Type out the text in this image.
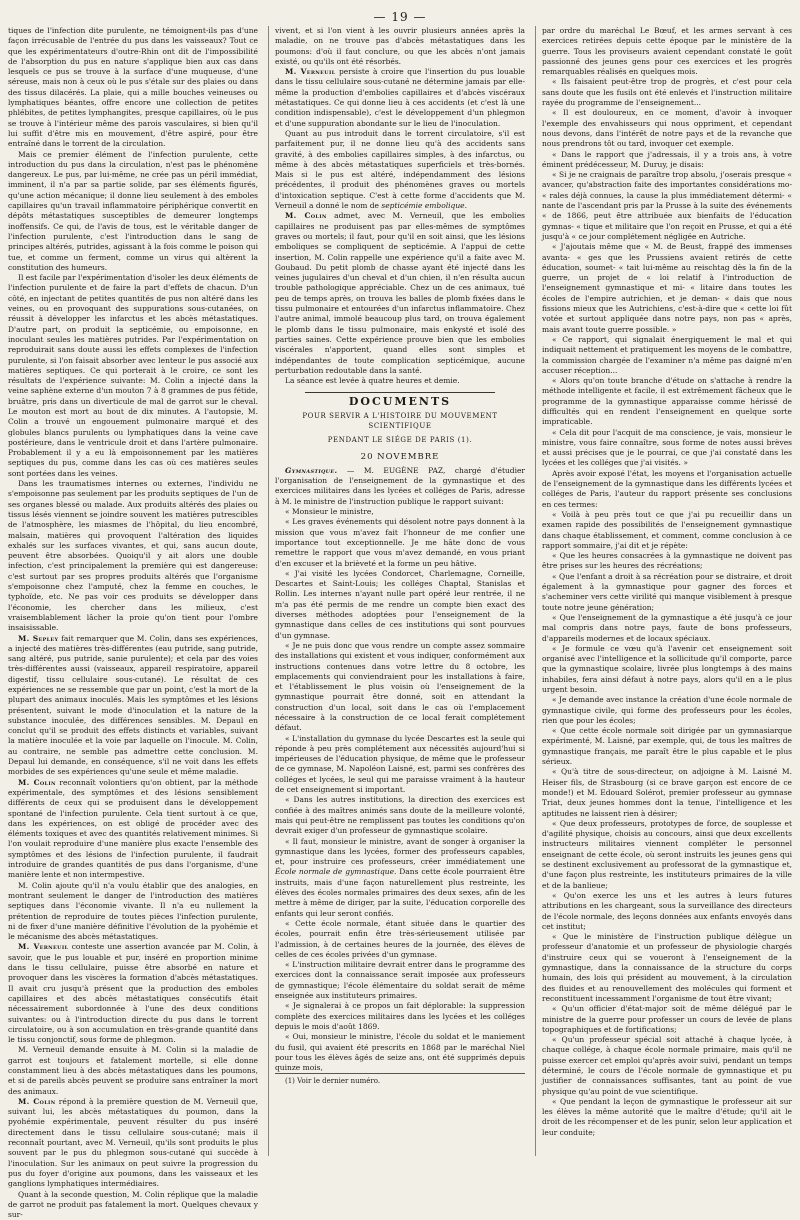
— 19 —

tiques de l'infection dite purulente, ne témoignent-ils pas d'une façon irrécusable de l'entrée du pus dans les vaisseaux? Tout ce que les expérimentateurs d'outre-Rhin ont dit de l'impossibilité de l'absorption du pus en nature s'applique bien aux cas dans lesquels ce pus se trouve à la surface d'une muqueuse, d'une séreuse, mais non à ceux où le pus s'étale sur des plaies ou dans des tissus dilacérés. La plaie, qui a mille bouches veineuses ou lymphatiques béantes, offre encore une collection de petites phlébites, de petites lymphangites, presque capillaires, où le pus se trouve à l'intérieur même des parois vasculaires, si bien qu'il lui suffit d'être mis en mouvement, d'être aspiré, pour être entraîné dans le torrent de la circulation.

Mais ce premier élément de l'infection purulente, cette introduction du pus dans la circulation, n'est pas le phénomène dangereux. Le pus, par lui-même, ne crée pas un péril immédiat, imminent, il n'a par sa partie solide, par ses éléments figurés, qu'une action mécanique; il donne lieu seulement à des emboles capillaires qu'un travail inflammatoire périphérique convertit en dépôts métastatiques susceptibles de demeurer longtemps inoffensifs. Ce qui, de l'avis de tous, est le véritable danger de l'infection purulente, c'est l'introduction dans le sang de principes altérés, putrides, agissant à la fois comme le poison qui tue, et comme un ferment, comme un virus qui altèrent la constitution des humeurs.

Il est facile par l'expérimentation d'isoler les deux éléments de l'infection purulente et de faire la part d'effets de chacun. D'un côté, en injectant de petites quantités de pus non altéré dans les veines, ou en provoquant des suppurations sous-cutanées, on réussit à développer les infarctus et les abcès métastatiques. D'autre part, on produit la septicémie, ou empoisonne, en inoculant seules les matières putrides. Par l'expérimentation on reproduirait sans doute aussi les effets complexes de l'infection purulente, si l'on faisait absorber avec lenteur le pus associé aux matières septiques. Ce qui porterait à le croire, ce sont les résultats de l'expérience suivante: M. Colin a injecté dans la veine saphène externe d'un mouton 7 à 8 grammes de pus fétide, bruâtre, pris dans un diverticule de mal de garrot sur le cheval. Le mouton est mort au bout de dix minutes. A l'autopsie, M. Colin a trouvé un engouement pulmonaire marqué et des globules blancs purulents ou lymphatiques dans la veine cave postérieure, dans le ventricule droit et dans l'artère pulmonaire. Probablement il y a eu là empoisonnement par les matières septiques du pus, comme dans les cas où ces matières seules sont portées dans les veines.

Dans les traumatismes internes ou externes, l'individu ne s'empoisonne pas seulement par les produits septiques de l'un de ses organes blessé ou malade. Aux produits altérés des plaies ou tissus lésés viennent se joindre souvent les matières putrescibles de l'atmosphère, les miasmes de l'hôpital, du lieu encombré, malsain, matières qui provoquent l'altération des liquides exhalés sur les surfaces vivantes, et qui, sans aucun doute, peuvent être absorbées. Quoiqu'il y ait alors une double infection, c'est principalement la première qui est dangereuse: c'est surtout par ses propres produits altérés que l'organisme s'empoisonne chez l'amputé, chez la femme en couches, le typhoïde, etc. Ne pas voir ces produits se développer dans l'économie, les chercher dans les milieux, c'est vraisemblablement lâcher la proie qu'on tient pour l'ombre insaisissable.

M. Sepley fait remarquer que M. Colin, dans ses expériences, a injecté des matières très-différentes (eau putride, sang putride, sang altéré, pus putride, sanie purulente); et cela par des voies très-différentes aussi (vaisseaux, appareil respiratoire, appareil digestif, tissu cellulaire sous-cutané). Le résultat de ces expériences ne se ressemble que par un point, c'est la mort de la plupart des animaux inoculés. Mais les symptômes et les lésions présentent, suivant le mode d'inoculation et la nature de la substance inoculée, des différences sensibles. M. Depaul en conclut qu'il se produit des effets distincts et variables, suivant la matière inoculée et la voie par laquelle on l'inocule. M. Colin, au contraire, ne semble pas admettre cette conclusion. M. Depaul lui demande, en conséquence, s'il ne voit dans les effets morbides de ses expériences qu'une seule et même maladie.

M. Colin reconnaît volontiers qu'on obtient, par la méthode expérimentale, des symptômes et des lésions sensiblement différents de ceux qui se produisent dans le développement spontané de l'infection purulente. Cela tient surtout à ce que, dans les expériences, on est obligé de procéder avec des éléments toxiques et avec des quantités relativement minimes. Si l'on voulait reproduire d'une manière plus exacte l'ensemble des symptômes et des lésions de l'infection purulente, il faudrait introduire de grandes quantités de pus dans l'organisme, d'une manière lente et non intermpestive.

M. Colin ajoute qu'il n'a voulu établir que des analogies, en montrant seulement le danger de l'introduction des matières septiques dans l'économie vivante. Il n'a eu nullement la prétention de reproduire de toutes pièces l'infection purulente, ni de fixer d'une manière définitive l'évolution de la pyohémie et le mécanisme des abcès métastatiques.

M. Verneuil conteste une assertion avancée par M. Colin, à savoir, que le pus louable et pur, inséré en proportion minime dans le tissu cellulaire, puisse être absorbé en nature et provoquer dans les viscères la formation d'abcès métastatiques. Il avait cru jusqu'à présent que la production des emboles capillaires et des abcès métastatiques consécutifs était nécessairement subordonnée à l'une des deux conditions suivantes: ou à l'introduction directe du pus dans le torrent circulatoire, ou à son accumulation en très-grande quantité dans le tissu conjonctif, sous forme de phlegmon.

M. Verneuil demande ensuite à M. Colin si la maladie de garrot est toujours et fatalement mortelle, si elle donne constamment lieu à des abcès métastatiques dans les poumons, et si de pareils abcès peuvent se produire sans entraîner la mort des animaux.

M. Colin répond à la première question de M. Verneuil que, suivant lui, les abcès métastatiques du poumon, dans la pyohémie expérimentale, peuvent résulter du pus inséré directement dans le tissu cellulaire sous-cutané; mais il reconnaît pourtant, avec M. Verneuil, qu'ils sont produits le plus souvent par le pus du phlegmon sous-cutané qui succède à l'inoculation. Sur les animaux on peut suivre la progression du pus du foyer d'origine aux poumons, dans les vaisseaux et les ganglions lymphatiques intermédiaires.

Quant à la seconde question, M. Colin réplique que la maladie de garrot ne produit pas fatalement la mort. Quelques chevaux y sur-

vivent, et si l'on vient à les ouvrir plusieurs années après la maladie, on ne trouve pas d'abcès métastatiques dans les poumons: d'où il faut conclure, ou que les abcès n'ont jamais existé, ou qu'ils ont été résorbés.

M. Verneuil persiste à croire que l'insertion du pus louable dans le tissu cellulaire sous-cutané ne détermine jamais par elle-même la production d'embolies capillaires et d'abcès viscéraux métastatiques. Ce qui donne lieu à ces accidents (et c'est là une condition indispensable), c'est le développement d'un phlegmon et d'une suppuration abondante sur le lieu de l'inoculation.

Quant au pus introduit dans le torrent circulatoire, s'il est parfaitement pur, il ne donne lieu qu'à des accidents sans gravité, à des embolies capillaires simples, à des infarctus, ou même à des abcès métastatiques superficiels et très-bornés. Mais si le pus est altéré, indépendamment des lésions précédentes, il produit des phénomènes graves ou mortels d'intoxication septique. C'est à cette forme d'accidents que M. Verneuil a donné le nom de septicémie embolique.

M. Colin admet, avec M. Verneuil, que les embolies capillaires ne produisent pas par elles-mêmes de symptômes graves ou mortels; il faut, pour qu'il en soit ainsi, que les lésions emboliques se compliquent de septicémie. A l'appui de cette insertion, M. Colin rappelle une expérience qu'il a faite avec M. Goubaud. Du petit plomb de chasse ayant été injecté dans les veines jugulaires d'un cheval et d'un chien, il n'en résulta aucun trouble pathologique appréciable. Chez un de ces animaux, tué peu de temps après, on trouva les balles de plomb fixées dans le tissu pulmonaire et entourées d'un infarctus inflammatoire. Chez l'autre animal, immolé beaucoup plus tard, on trouva également le plomb dans le tissu pulmonaire, mais enkysté et isolé des parties saines. Cette expérience prouve bien que les embolies viscérales n'apportent, quand elles sont simples et indépendantes de toute complication septicémique, aucune perturbation redoutable dans la santé.

La séance est levée à quatre heures et demie.

DOCUMENTS
POUR SERVIR A L'HISTOIRE DU MOUVEMENT SCIENTIFIQUE
PENDANT LE SIÉGE DE PARIS (1).
20 NOVEMBRE

Gymnastique. — M. EUGÈNE PAZ, chargé d'étudier l'organisation de l'enseignement de la gymnastique et des exercices militaires dans les lycées et colléges de Paris, adresse à M. le ministre de l'instruction publique le rapport suivant:

« Monsieur le ministre,

« Les graves événements qui désolent notre pays donnent à la mission que vous m'avez fait l'honneur de me confier une importance tout exceptionnelle. Je me hâte donc de vous remettre le rapport que vous m'avez demandé, en vous priant d'en excuser et la brièveté et la forme un peu hâtive.

« J'ai visité les lycées Condorcet, Charlemagne, Corneille, Descartes et Saint-Louis; les colléges Chaptal, Stanislas et Rollin. Les internes n'ayant nulle part opéré leur rentrée, il ne m'a pas été permis de me rendre un compte bien exact des diverses méthodes adoptées pour l'enseignement de la gymnastique dans celles de ces institutions qui sont pourvues d'un gymnase.

« Je ne puis donc que vous rendre un compte assez sommaire des installations qui existent et vous indiquer, conformément aux instructions contenues dans votre lettre du 8 octobre, les emplacements qui conviendraient pour les installations à faire, et l'établissement le plus voisin où l'enseignement de la gymnastique pourrait être donné, soit en attendant la construction d'un local, soit dans le cas où l'emplacement nécessaire à la construction de ce local ferait complétement défaut.

« L'installation du gymnase du lycée Descartes est la seule qui réponde à peu près complétement aux nécessités aujourd'hui si impérieuses de l'éducation physique, de même que le professeur de ce gymnase, M. Napoléon Laisné, est, parmi ses confrères des colléges et lycées, le seul qui me paraisse vraiment à la hauteur de cet enseignement si important.

« Dans les autres institutions, la direction des exercices est confiée à des maîtres animés sans doute de la meilleure volonté, mais qui peut-être ne remplissent pas toutes les conditions qu'on devrait exiger d'un professeur de gymnastique scolaire.

« Il faut, monsieur le ministre, avant de songer à organiser la gymnastique dans les lycées, former des professeurs capables, et, pour instruire ces professeurs, créer immédiatement une École normale de gymnastique. Dans cette école pourraient être instruits, mais d'une façon naturellement plus restreinte, les élèves des écoles normales primaires des deux sexes, afin de les mettre à même de diriger, par la suite, l'éducation corporelle des enfants qui leur seront confiés.

« Cette école normale, étant située dans le quartier des écoles, pourrait enfin être très-sérieusement utilisée par l'admission, à de certaines heures de la journée, des élèves de celles de ces écoles privées d'un gymnase.

« L'instruction militaire devrait entrer dans le programme des exercices dont la connaissance serait imposée aux professeurs de gymnastique; l'école élémentaire du soldat serait de même enseignée aux instituteurs primaires.

« Je signalerai à ce propos un fait déplorable: la suppression complète des exercices militaires dans les lycées et les colléges depuis le mois d'août 1869.

« Oui, monsieur le ministre, l'école du soldat et le maniement du fusil, qui avaient été prescrits en 1868 par le maréchal Niel pour tous les élèves âgés de seize ans, ont été supprimés depuis quinze mois,

(1) Voir le dernier numéro.

par ordre du maréchal Le Bœuf, et les armes servant à ces exercices retirées depuis cette époque par le ministère de la guerre. Tous les proviseurs avaient cependant constaté le goût passionné des jeunes gens pour ces exercices et les progrès remarquables réalisés en quelques mois.

« Ils faisaient peut-être trop de progrès, et c'est pour cela sans doute que les fusils ont été enlevés et l'instruction militaire rayée du programme de l'enseignement...

« Il est douloureux, en ce moment, d'avoir à invoquer l'exemple des envahisseurs qui nous oppriment, et cependant nous devons, dans l'intérêt de notre pays et de la revanche que nous prendrons tôt ou tard, invoquer cet exemple.

« Dans le rapport que j'adressais, il y a trois ans, à votre éminent prédécesseur, M. Duruy, je disais:

« Si je ne craignais de paraître trop absolu, j'oserais presque « avancer, qu'abstraction faite des importantes considérations mo- « rales déjà connues, la cause la plus immédiatement détermi- « nante de l'ascendant pris par la Prusse à la suite des événements « de 1866, peut être attribuée aux bienfaits de l'éducation gymnas- « tique et militaire que l'on reçoit en Prusse, et qui a été jusqu'à « ce jour complétement négligée en Autriche.

« J'ajoutais même que « M. de Beust, frappé des immenses avanta- « ges que les Prussiens avaient retirés de cette éducation, soumet- « tait lui-même au reischtag dès la fin de la guerre, un projet de « loi relatif à l'introduction de l'enseignement gymnastique et mi- « litaire dans toutes les écoles de l'empire autrichien, et je deman- « dais que nous fissions mieux que les Autrichiens, c'est-à-dire que « cette loi fût votée et surtout appliquée dans notre pays, non pas « après, mais avant toute guerre possible. »

« Ce rapport, qui signalait énergiquement le mal et qui indiquait nettement et pratiquement les moyens de le combattre, la commission chargée de l'examiner n'a même pas daigné m'en accuser réception...

« Alors qu'on toute branche d'étude on s'attache à rendre la méthode intelligente et facile, il est extrêmement fâcheux que le programme de la gymnastique apparaisse comme hérissé de difficultés qui en rendent l'enseignement en quelque sorte impraticable.

« Cela dit pour l'acquit de ma conscience, je vais, monsieur le ministre, vous faire connaître, sous forme de notes aussi brèves et aussi précises que je le pourrai, ce que j'ai constaté dans les lycées et les colléges que j'ai visités. »

Après avoir exposé l'état, les moyens et l'organisation actuelle de l'enseignement de la gymnastique dans les différents lycées et colléges de Paris, l'auteur du rapport présente ses conclusions en ces termes:

« Voilà à peu près tout ce que j'ai pu recueillir dans un examen rapide des possibilités de l'enseignement gymnastique dans chaque établissement, et comment, comme conclusion à ce rapport sommaire, j'ai dit et je répète:

« Que les heures consacrées à la gymnastique ne doivent pas être prises sur les heures des récréations;

« Que l'enfant a droit à sa récréation pour se distraire, et droit également à la gymnastique pour gagner des forces et s'acheminer vers cette virilité qui manque visiblement à presque toute notre jeune génération;

« Que l'enseignement de la gymnastique a été jusqu'à ce jour mal compris dans notre pays, faute de bons professeurs, d'appareils modernes et de locaux spéciaux.

« Je formule ce vœu qu'à l'avenir cet enseignement soit organisé avec l'intelligence et la sollicitude qu'il comporte, parce que la gymnastique scolaire, livrée plus longtemps à des mains inhabiles, fera ainsi défaut à notre pays, alors qu'il en a le plus urgent besoin.

« Je demande avec instance la création d'une école normale de gymnastique civile, qui forme des professeurs pour les écoles, rien que pour les écoles;

« Que cette école normale soit dirigée par un gymnasiarque expérimenté, M. Laisné, par exemple, qui, de tous les maîtres de gymnastique français, me paraît être le plus capable et le plus sérieux.

« Qu'à titre de sous-directeur, on adjoigne à M. Laisné M. Heiser fils, de Strasbourg (si ce brave garçon est encore de ce monde!) et M. Edouard Solérot, premier professeur au gymnase Triat, deux jeunes hommes dont la tenue, l'intelligence et les aptitudes ne laissent rien à désirer;

« Que deux professeurs, prototypes de force, de souplesse et d'agilité physique, choisis au concours, ainsi que deux excellents instructeurs militaires viennent compléter le personnel enseignant de cette école, où seront instruits les jeunes gens qui se destinent exclusivement au professorat de la gymnastique et, d'une façon plus restreinte, les instituteurs primaires de la ville et de la banlieue;

« Qu'on exerce les uns et les autres à leurs futures attributions en les chargeant, sous la surveillance des directeurs de l'école normale, des leçons données aux enfants envoyés dans cet institut;

« Que le ministère de l'instruction publique délègue un professeur d'anatomie et un professeur de physiologie chargés d'instruire ceux qui se voueront à l'enseignement de la gymnastique, dans la connaissance de la structure du corps humain, des lois qui président au mouvement, à la circulation des fluides et au renouvellement des molécules qui forment et reconstituent incessamment l'organisme de tout être vivant;

« Qu'un officier d'état-major soit de même délégué par le ministre de la guerre pour professer un cours de levée de plans topographiques et de fortifications;

« Qu'un professeur spécial soit attaché à chaque lycée, à chaque collége, à chaque école normale primaire, mais qu'il ne puisse exercer cet emploi qu'après avoir suivi, pendant un temps déterminé, le cours de l'école normale de gymnastique et pu justifier de connaissances suffisantes, tant au point de vue physique qu'au point de vue scientifique.

« Que pendant la leçon de gymnastique le professeur ait sur les élèves la même autorité que le maître d'étude; qu'il ait le droit de les récompenser et de les punir, selon leur application et leur conduite;
